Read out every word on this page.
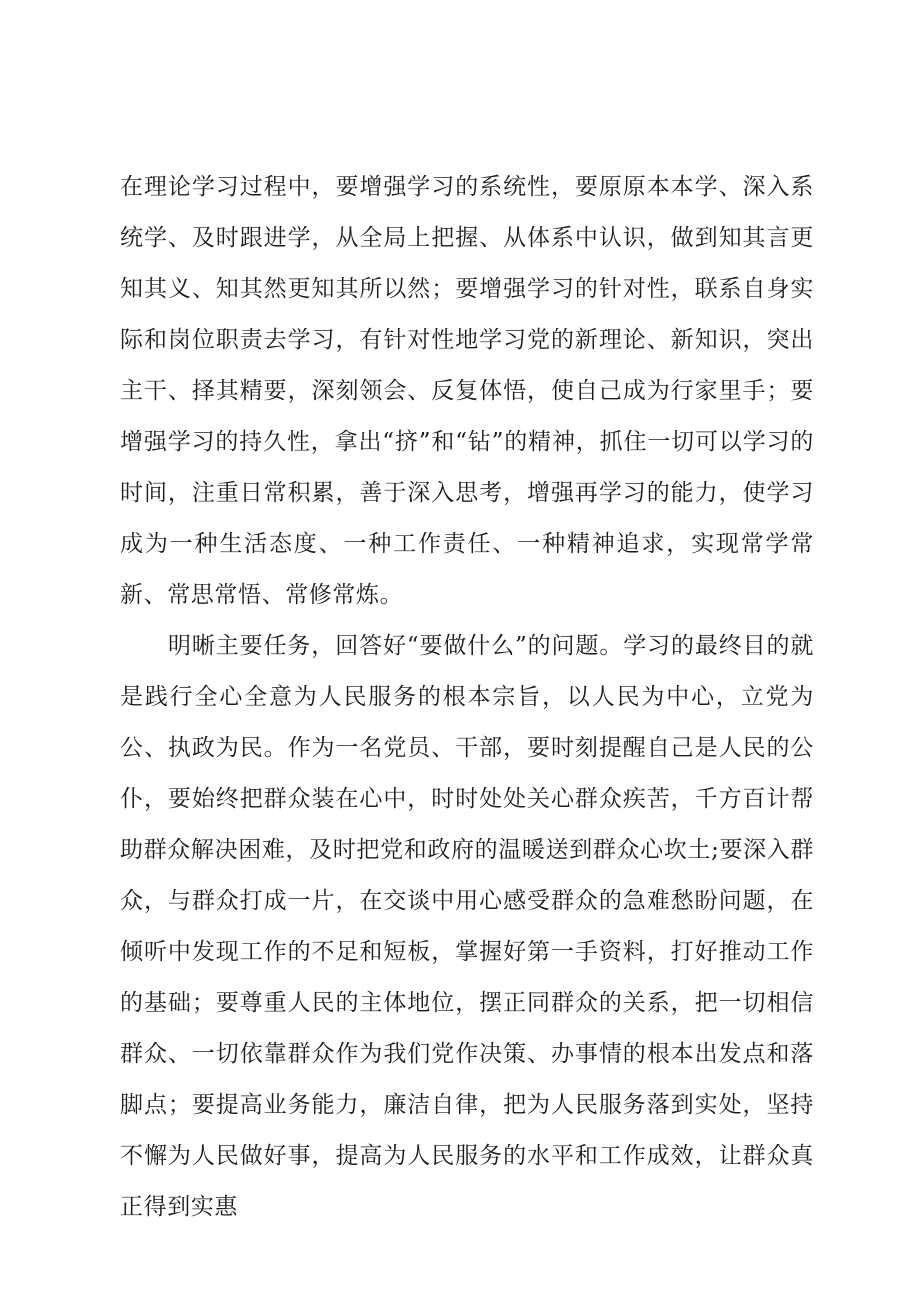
在理论学习过程中，要增强学习的系统性，要原原本本学、深入系统学、及时跟进学，从全局上把握、从体系中认识，做到知其言更知其义、知其然更知其所以然；要增强学习的针对性，联系自身实际和岗位职责去学习，有针对性地学习党的新理论、新知识，突出主干、择其精要，深刻领会、反复体悟，使自己成为行家里手；要增强学习的持久性，拿出“挤”和“钻”的精神，抓住一切可以学习的时间，注重日常积累，善于深入思考，增强再学习的能力，使学习成为一种生活态度、一种工作责任、一种精神追求，实现常学常新、常思常悟、常修常炼。

明晰主要任务，回答好“要做什么”的问题。学习的最终目的就是践行全心全意为人民服务的根本宗旨，以人民为中心，立党为公、执政为民。作为一名党员、干部，要时刻提醒自己是人民的公仆，要始终把群众装在心中，时时处处关心群众疾苦，千方百计帮助群众解决困难，及时把党和政府的温暖送到群众心坎土;要深入群众，与群众打成一片，在交谈中用心感受群众的急难愁盼问题，在倾听中发现工作的不足和短板，掌握好第一手资料，打好推动工作的基础；要尊重人民的主体地位，摆正同群众的关系，把一切相信群众、一切依靠群众作为我们党作决策、办事情的根本出发点和落脚点；要提高业务能力，廉洁自律，把为人民服务落到实处，坚持不懈为人民做好事，提高为人民服务的水平和工作成效，让群众真正得到实惠
